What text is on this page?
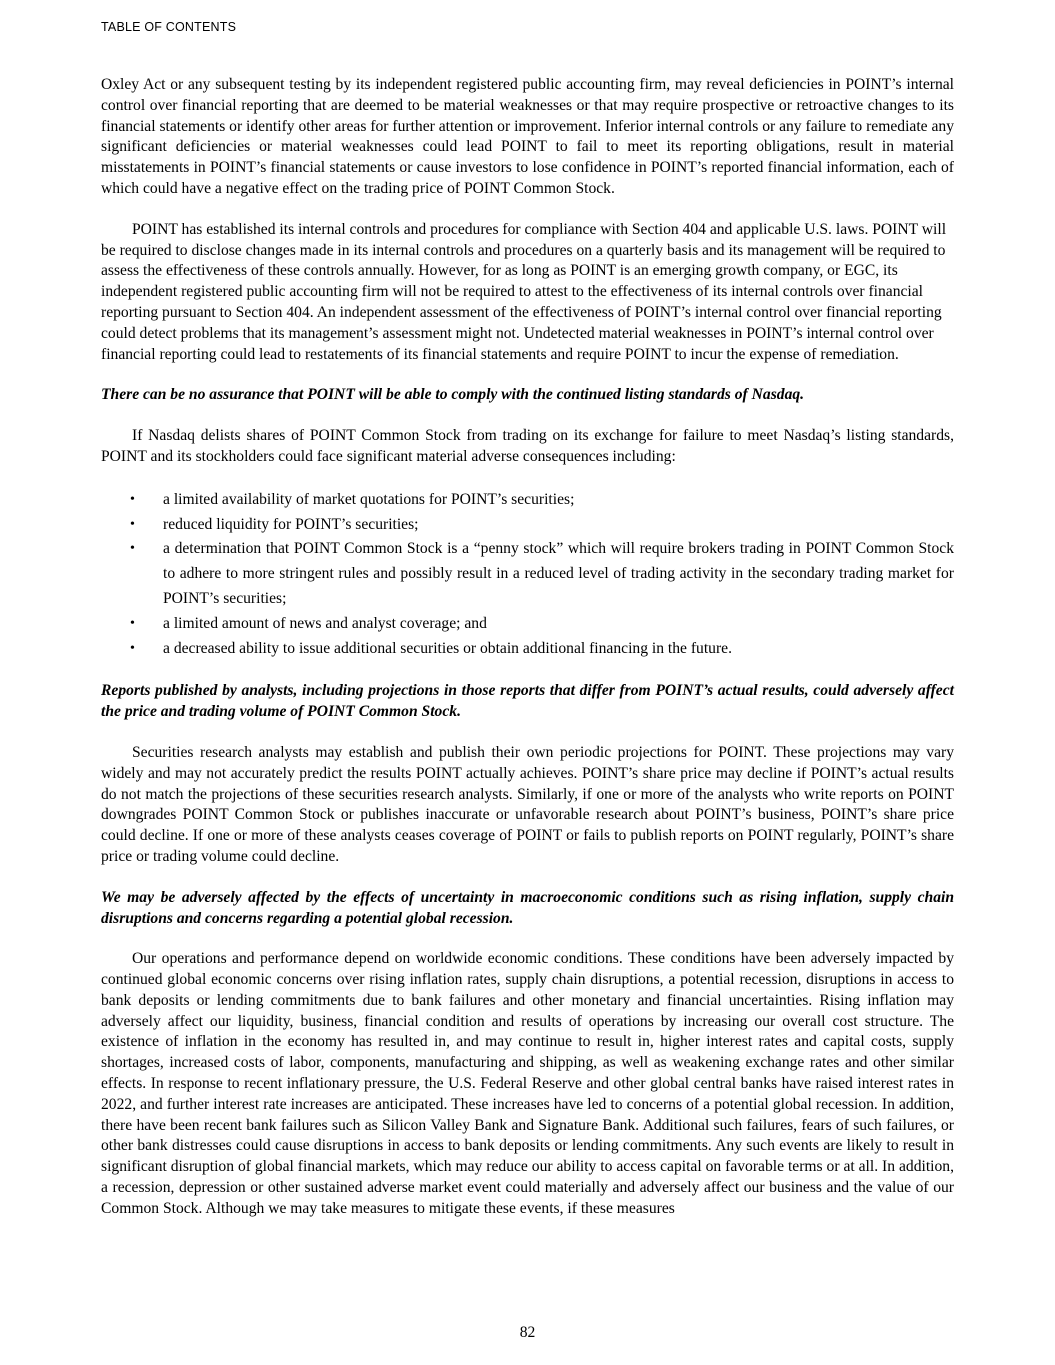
TABLE OF CONTENTS

Oxley Act or any subsequent testing by its independent registered public accounting firm, may reveal deficiencies in POINT’s internal control over financial reporting that are deemed to be material weaknesses or that may require prospective or retroactive changes to its financial statements or identify other areas for further attention or improvement. Inferior internal controls or any failure to remediate any significant deficiencies or material weaknesses could lead POINT to fail to meet its reporting obligations, result in material misstatements in POINT’s financial statements or cause investors to lose confidence in POINT’s reported financial information, each of which could have a negative effect on the trading price of POINT Common Stock.

POINT has established its internal controls and procedures for compliance with Section 404 and applicable U.S. laws. POINT will be required to disclose changes made in its internal controls and procedures on a quarterly basis and its management will be required to assess the effectiveness of these controls annually. However, for as long as POINT is an emerging growth company, or EGC, its independent registered public accounting firm will not be required to attest to the effectiveness of its internal controls over financial reporting pursuant to Section 404. An independent assessment of the effectiveness of POINT’s internal control over financial reporting could detect problems that its management’s assessment might not. Undetected material weaknesses in POINT’s internal control over financial reporting could lead to restatements of its financial statements and require POINT to incur the expense of remediation.

There can be no assurance that POINT will be able to comply with the continued listing standards of Nasdaq.

If Nasdaq delists shares of POINT Common Stock from trading on its exchange for failure to meet Nasdaq’s listing standards, POINT and its stockholders could face significant material adverse consequences including:

• a limited availability of market quotations for POINT’s securities;
• reduced liquidity for POINT’s securities;
• a determination that POINT Common Stock is a “penny stock” which will require brokers trading in POINT Common Stock to adhere to more stringent rules and possibly result in a reduced level of trading activity in the secondary trading market for POINT’s securities;
• a limited amount of news and analyst coverage; and
• a decreased ability to issue additional securities or obtain additional financing in the future.

Reports published by analysts, including projections in those reports that differ from POINT’s actual results, could adversely affect the price and trading volume of POINT Common Stock.

Securities research analysts may establish and publish their own periodic projections for POINT. These projections may vary widely and may not accurately predict the results POINT actually achieves. POINT’s share price may decline if POINT’s actual results do not match the projections of these securities research analysts. Similarly, if one or more of the analysts who write reports on POINT downgrades POINT Common Stock or publishes inaccurate or unfavorable research about POINT’s business, POINT’s share price could decline. If one or more of these analysts ceases coverage of POINT or fails to publish reports on POINT regularly, POINT’s share price or trading volume could decline.

We may be adversely affected by the effects of uncertainty in macroeconomic conditions such as rising inflation, supply chain disruptions and concerns regarding a potential global recession.

Our operations and performance depend on worldwide economic conditions. These conditions have been adversely impacted by continued global economic concerns over rising inflation rates, supply chain disruptions, a potential recession, disruptions in access to bank deposits or lending commitments due to bank failures and other monetary and financial uncertainties. Rising inflation may adversely affect our liquidity, business, financial condition and results of operations by increasing our overall cost structure. The existence of inflation in the economy has resulted in, and may continue to result in, higher interest rates and capital costs, supply shortages, increased costs of labor, components, manufacturing and shipping, as well as weakening exchange rates and other similar effects. In response to recent inflationary pressure, the U.S. Federal Reserve and other global central banks have raised interest rates in 2022, and further interest rate increases are anticipated. These increases have led to concerns of a potential global recession. In addition, there have been recent bank failures such as Silicon Valley Bank and Signature Bank. Additional such failures, fears of such failures, or other bank distresses could cause disruptions in access to bank deposits or lending commitments. Any such events are likely to result in significant disruption of global financial markets, which may reduce our ability to access capital on favorable terms or at all. In addition, a recession, depression or other sustained adverse market event could materially and adversely affect our business and the value of our Common Stock. Although we may take measures to mitigate these events, if these measures

82
